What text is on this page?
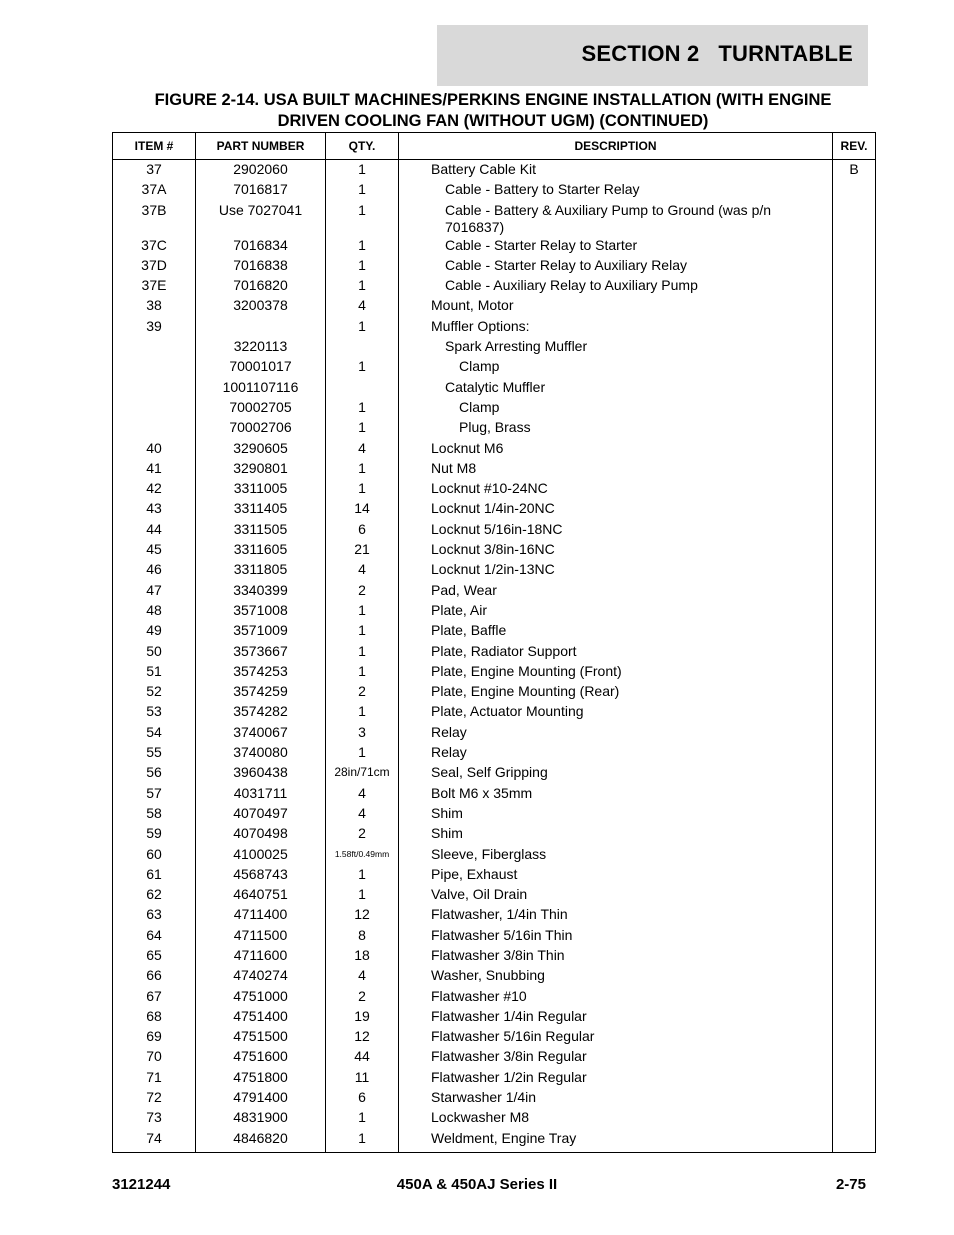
SECTION 2   TURNTABLE
FIGURE 2-14. USA BUILT MACHINES/PERKINS ENGINE INSTALLATION (WITH ENGINE
DRIVEN COOLING FAN (WITHOUT UGM) (CONTINUED)
ITEM #	PART NUMBER	QTY.	DESCRIPTION	REV.
37	2902060	1	Battery Cable Kit	B
37A	7016817	1	Cable - Battery to Starter Relay	
37B	Use 7027041	1	Cable - Battery & Auxiliary Pump to Ground (was p/n 7016837)	
37C	7016834	1	Cable - Starter Relay to Starter	
37D	7016838	1	Cable - Starter Relay to Auxiliary Relay	
37E	7016820	1	Cable - Auxiliary Relay to Auxiliary Pump	
38	3200378	4	Mount, Motor	
39		1	Muffler Options:	
	3220113		Spark Arresting Muffler	
	70001017	1	Clamp	
	1001107116		Catalytic Muffler	
	70002705	1	Clamp	
	70002706	1	Plug, Brass	
40	3290605	4	Locknut M6	
41	3290801	1	Nut M8	
42	3311005	1	Locknut #10-24NC	
43	3311405	14	Locknut 1/4in-20NC	
44	3311505	6	Locknut 5/16in-18NC	
45	3311605	21	Locknut 3/8in-16NC	
46	3311805	4	Locknut 1/2in-13NC	
47	3340399	2	Pad, Wear	
48	3571008	1	Plate, Air	
49	3571009	1	Plate, Baffle	
50	3573667	1	Plate, Radiator Support	
51	3574253	1	Plate, Engine Mounting (Front)	
52	3574259	2	Plate, Engine Mounting (Rear)	
53	3574282	1	Plate, Actuator Mounting	
54	3740067	3	Relay	
55	3740080	1	Relay	
56	3960438	28in/71cm	Seal, Self Gripping	
57	4031711	4	Bolt M6 x 35mm	
58	4070497	4	Shim	
59	4070498	2	Shim	
60	4100025	1.58ft/0.49mm	Sleeve, Fiberglass	
61	4568743	1	Pipe, Exhaust	
62	4640751	1	Valve, Oil Drain	
63	4711400	12	Flatwasher, 1/4in Thin	
64	4711500	8	Flatwasher 5/16in Thin	
65	4711600	18	Flatwasher 3/8in Thin	
66	4740274	4	Washer, Snubbing	
67	4751000	2	Flatwasher #10	
68	4751400	19	Flatwasher 1/4in Regular	
69	4751500	12	Flatwasher 5/16in Regular	
70	4751600	44	Flatwasher 3/8in Regular	
71	4751800	11	Flatwasher 1/2in Regular	
72	4791400	6	Starwasher 1/4in	
73	4831900	1	Lockwasher M8	
74	4846820	1	Weldment, Engine Tray	
3121244	450A & 450AJ Series II	2-75
